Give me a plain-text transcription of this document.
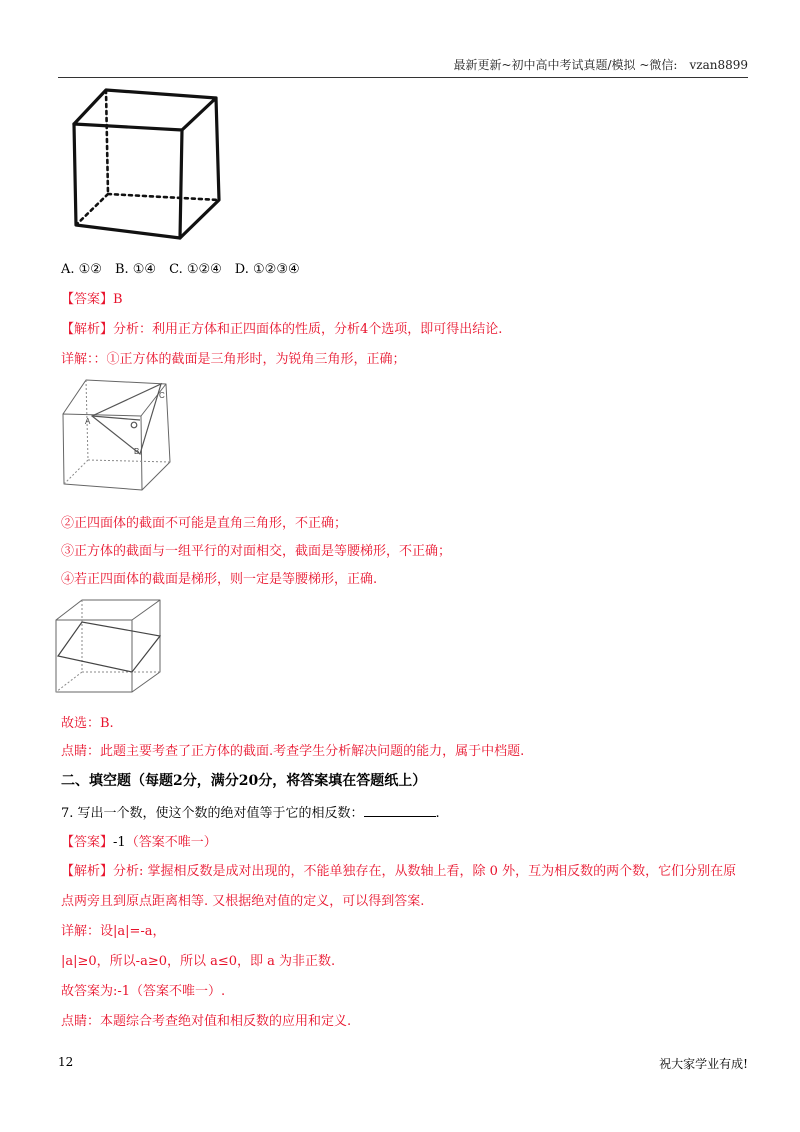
最新更新~初中高中考试真题/模拟 ~微信:　vzan8899
A. ①②　B. ①④　C. ①②④　D. ①②③④
【答案】B
【解析】分析：利用正方体和正四面体的性质，分析4个选项，即可得出结论.
详解：：①正方体的截面是三角形时，为锐角三角形，正确；
A
B
C
②正四面体的截面不可能是直角三角形，不正确；
③正方体的截面与一组平行的对面相交，截面是等腰梯形，不正确；
④若正四面体的截面是梯形，则一定是等腰梯形，正确.
故选：B.
点睛：此题主要考查了正方体的截面.考查学生分析解决问题的能力，属于中档题.
二、填空题（每题2分，满分20分，将答案填在答题纸上）
7. 写出一个数，使这个数的绝对值等于它的相反数：	.
【答案】-1（答案不唯一）
【解析】分析: 掌握相反数是成对出现的，不能单独存在，从数轴上看，除 0 外，互为相反数的两个数，它们分别在原
点两旁且到原点距离相等. 又根据绝对值的定义，可以得到答案.
详解：设|a|=-a，
|a|≥0，所以-a≥0，所以 a≤0，即 a 为非正数.
故答案为:-1（答案不唯一）.
点睛：本题综合考查绝对值和相反数的应用和定义.
12	祝大家学业有成!
